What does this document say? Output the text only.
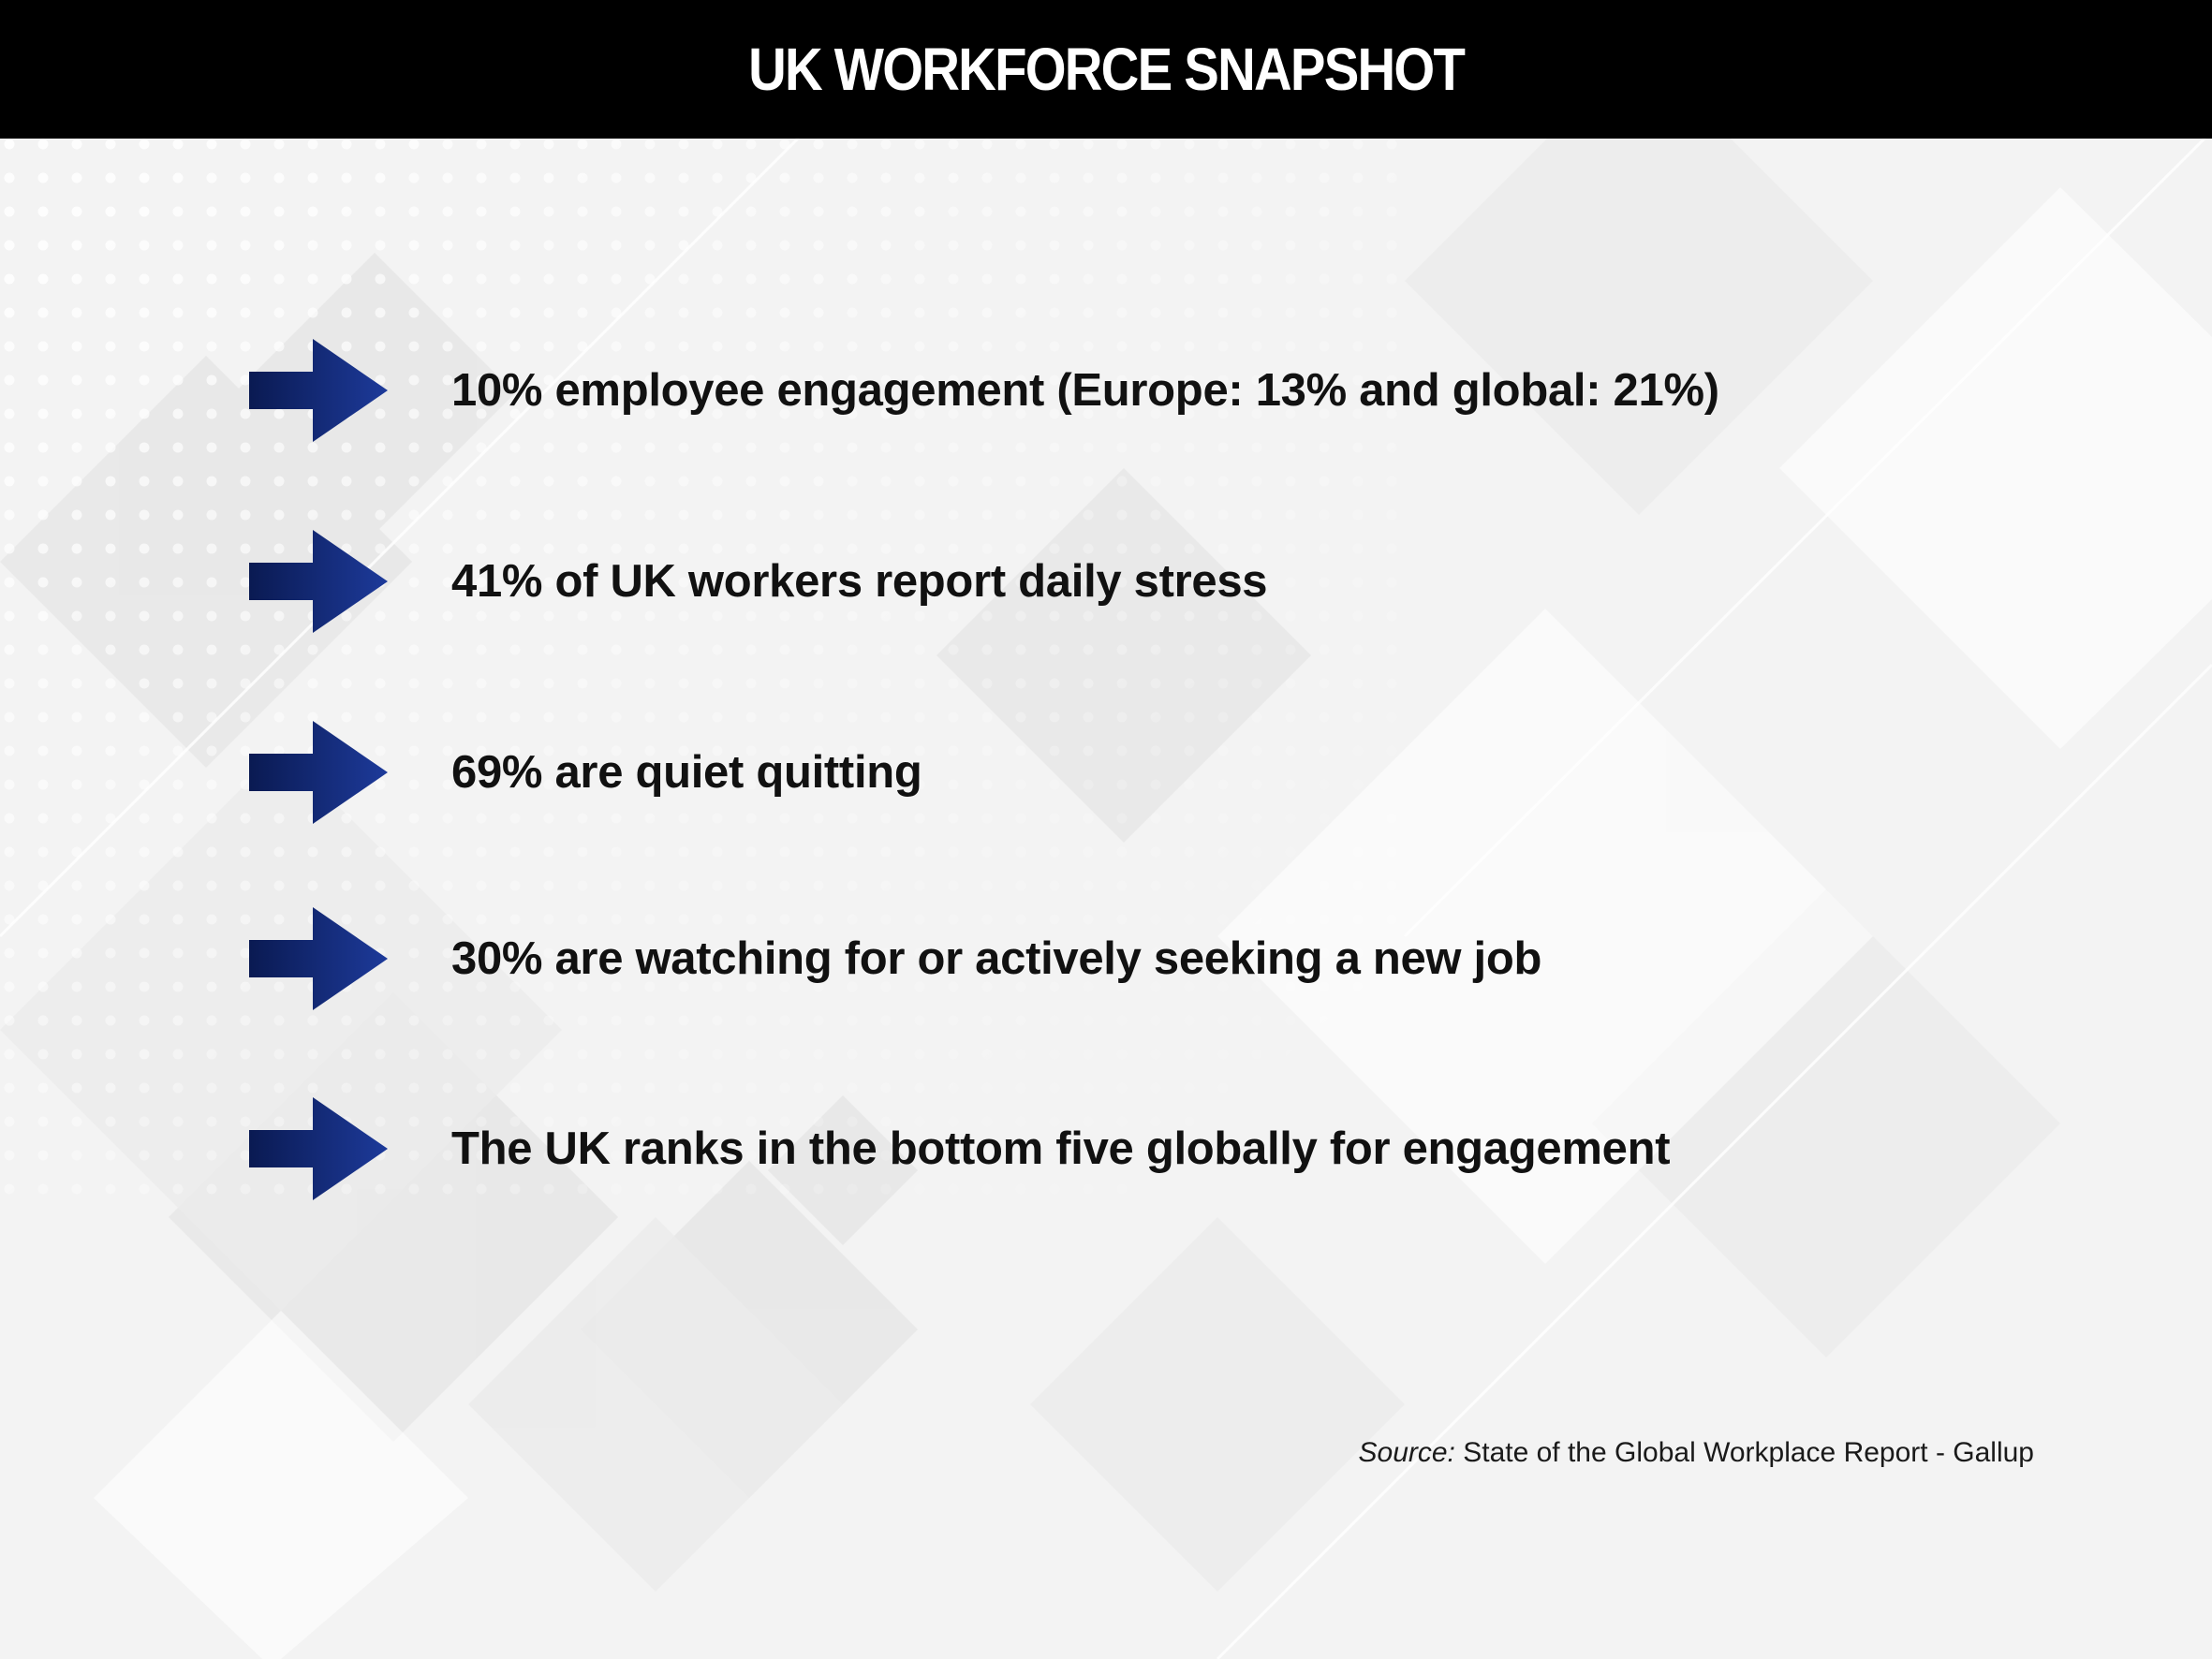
UK WORKFORCE SNAPSHOT
10% employee engagement (Europe: 13% and global: 21%)
41% of UK workers report daily stress
69% are quiet quitting
30% are watching for or actively seeking a new job
The UK ranks in the bottom five globally for engagement
Source: State of the Global Workplace Report - Gallup
